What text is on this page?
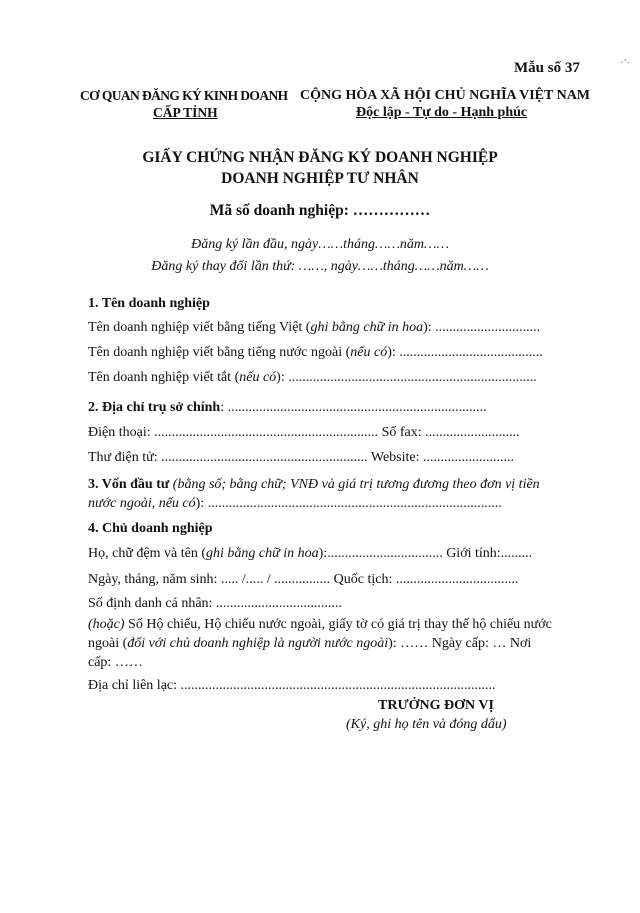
·ʼ·
Mẫu số 37
CƠ QUAN ĐĂNG KÝ KINH DOANH
CẤP TỈNH
CỘNG HÒA XÃ HỘI CHỦ NGHĨA VIỆT NAM
Độc lập - Tự do - Hạnh phúc
GIẤY CHỨNG NHẬN ĐĂNG KÝ DOANH NGHIỆP
DOANH NGHIỆP TƯ NHÂN
Mã số doanh nghiệp: ……………
Đăng ký lần đầu, ngày……tháng……năm……
Đăng ký thay đổi lần thứ: ……, ngày……tháng……năm……
1. Tên doanh nghiệp
Tên doanh nghiệp viết bằng tiếng Việt (ghi bằng chữ in hoa): ..............................
Tên doanh nghiệp viết bằng tiếng nước ngoài (nếu có): .........................................
Tên doanh nghiệp viết tắt (nếu có): .......................................................................
2. Địa chỉ trụ sở chính: ..........................................................................
Điện thoại: ................................................................ Số fax: ...........................
Thư điện tử: ........................................................... Website: ..........................
3. Vốn đầu tư (bằng số; bằng chữ; VNĐ và giá trị tương đương theo đơn vị tiền
nước ngoài, nếu có): ....................................................................................
4. Chủ doanh nghiệp
Họ, chữ đệm và tên (ghi bằng chữ in hoa):................................. Giới tính:.........
Ngày, tháng, năm sinh: ..... /..... / ................ Quốc tịch: ...................................
Số định danh cá nhân: ....................................
(hoặc) Số Hộ chiếu, Hộ chiếu nước ngoài, giấy tờ có giá trị thay thế hộ chiếu nước
ngoài (đối với chủ doanh nghiệp là người nước ngoài): …… Ngày cấp: … Nơi
cấp: ……
Địa chỉ liên lạc: ..........................................................................................
TRƯỞNG ĐƠN VỊ
(Ký, ghi họ tên và đóng dấu)
